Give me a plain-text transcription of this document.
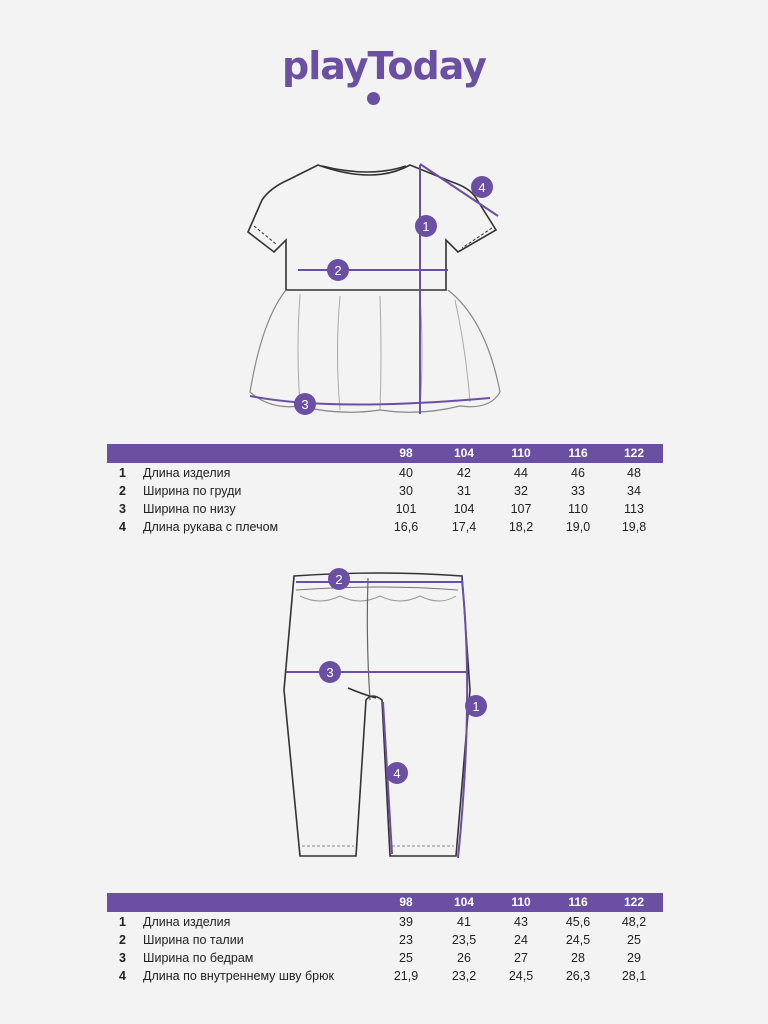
playToday
1
2
3
4
98	104	110	116	122
1 Длина изделия	40	42	44	46	48
2 Ширина по груди	30	31	32	33	34
3 Ширина по низу	101	104	107	110	113
4 Длина рукава с плечом	16,6	17,4	18,2	19,0	19,8
1
2
3
4
98	104	110	116	122
1 Длина изделия	39	41	43	45,6	48,2
2 Ширина по талии	23	23,5	24	24,5	25
3 Ширина по бедрам	25	26	27	28	29
4 Длина по внутреннему шву брюк	21,9	23,2	24,5	26,3	28,1
